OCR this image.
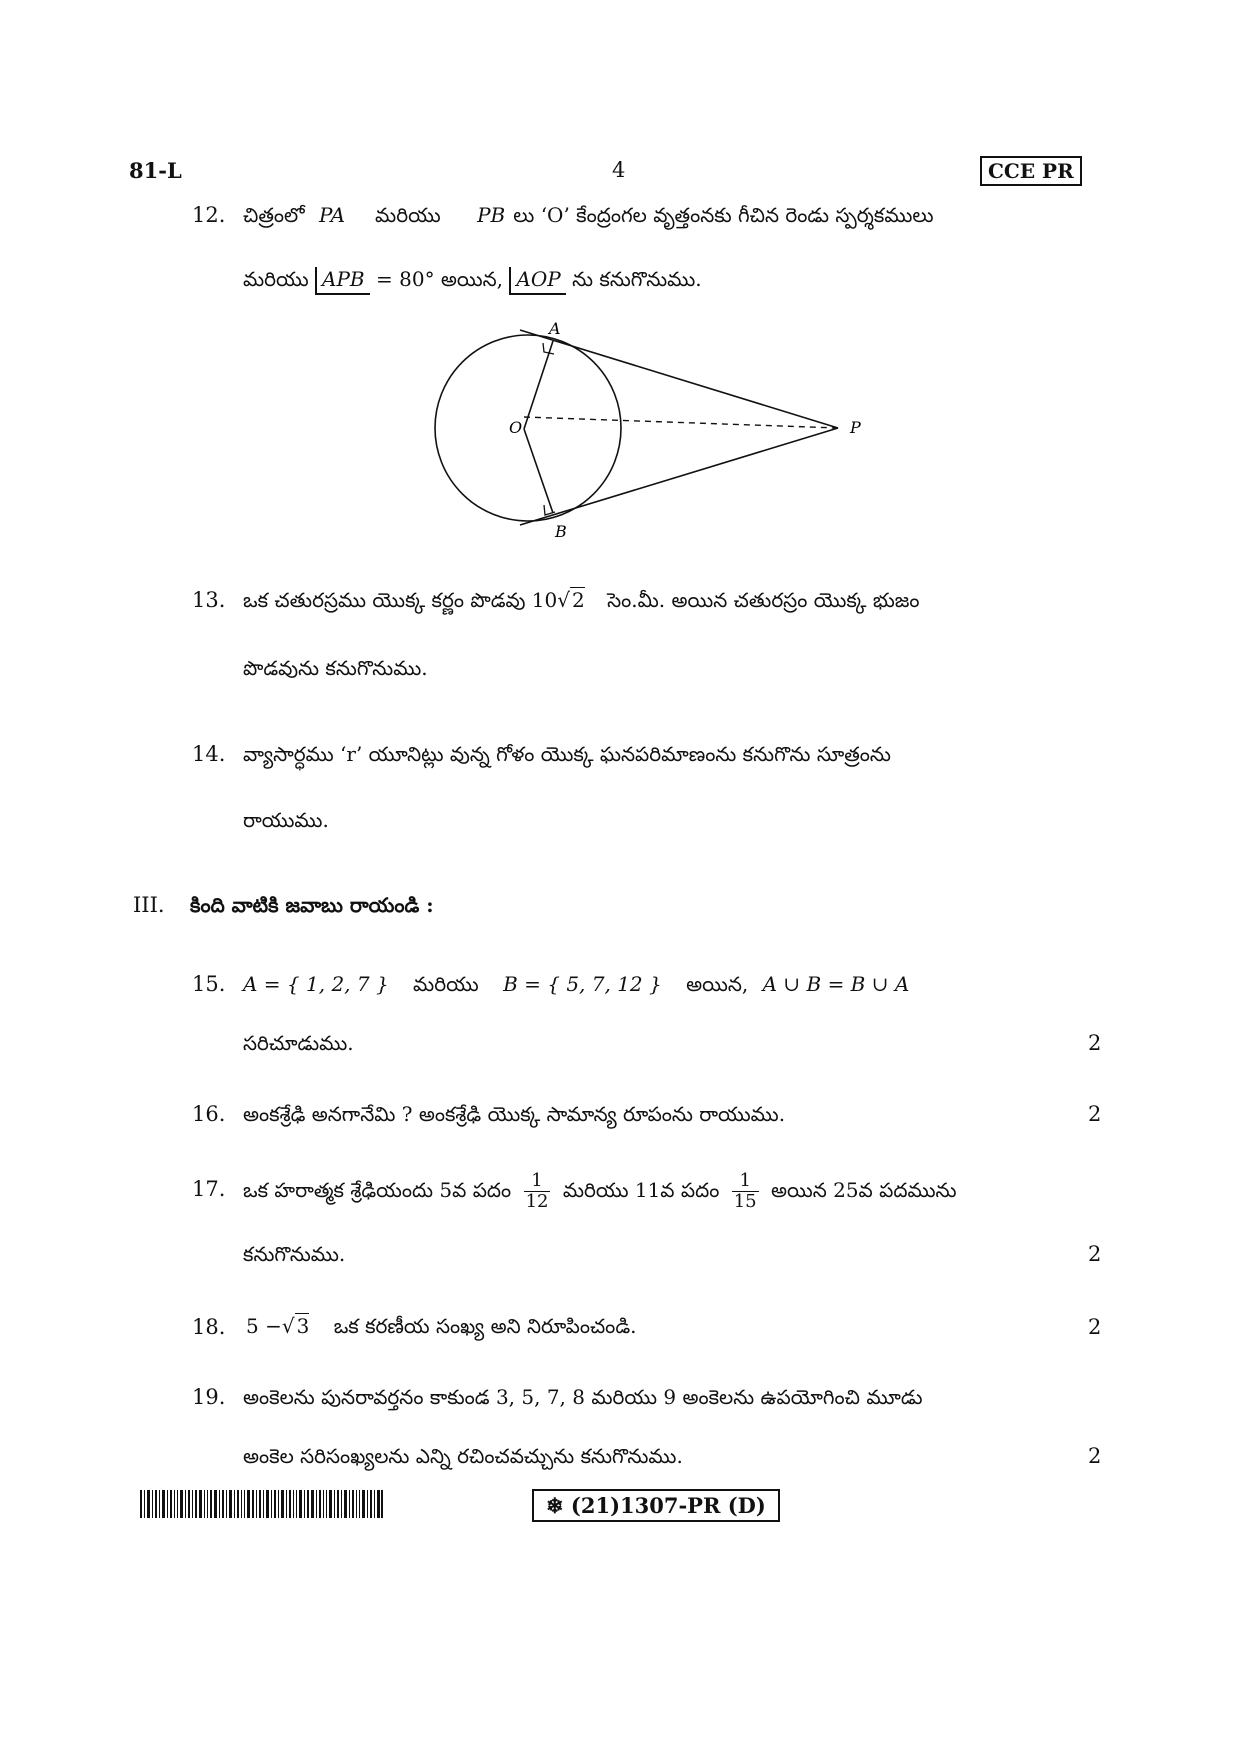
81-L	4	CCE PR
12. చిత్రంలో PA మరియు PB లు ‘O’ కేంద్రంగల వృత్తంనకు గీచిన రెండు స్పర్శకములు
మరియు APB = 80° అయిన, AOP ను కనుగొనుము.
A
B
O	P
13. ఒక చతురస్రము యొక్క కర్ణం పొడవు 10√ 2 సెం.మీ. అయిన చతురస్రం యొక్క భుజం
పొడవును కనుగొనుము.
14. వ్యాసార్ధము ‘r’ యూనిట్లు వున్న గోళం యొక్క ఘనపరిమాణంను కనుగొను సూత్రంను
రాయుము.
III. కింది వాటికి జవాబు రాయండి :
15. A = { 1, 2, 7 } మరియు B = { 5, 7, 12 } అయిన, A ∪ B = B ∪ A
సరిచూడుము.	2
16. అంకశ్రేఢి అనగానేమి ? అంకశ్రేఢి యొక్క సామాన్య రూపంను రాయుము.	2
17. ఒక హరాత్మక శ్రేఢియందు 5వ పదం $\frac{1}{12}$ మరియు 11వ పదం $\frac{1}{15}$ అయిన 25వ పదమును
కనుగొనుము.	2
18. 5 −√ 3 ఒక కరణీయ సంఖ్య అని నిరూపించండి.	2
19. అంకెలను పునరావర్తనం కాకుండ 3, 5, 7, 8 మరియు 9 అంకెలను ఉపయోగించి మూడు
అంకెల సరిసంఖ్యలను ఎన్ని రచించవచ్చును కనుగొనుము.	2
❄ (21)1307-PR (D)
